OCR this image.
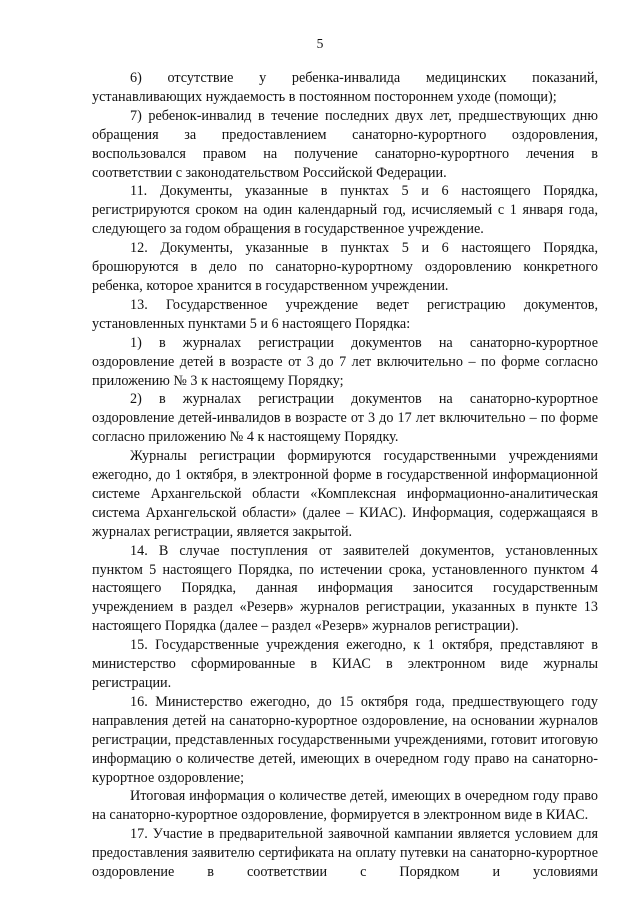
5

6) отсутствие у ребенка-инвалида медицинских показаний, устанавливающих нуждаемость в постоянном постороннем уходе (помощи);

7) ребенок-инвалид в течение последних двух лет, предшествующих дню обращения за предоставлением санаторно-курортного оздоровления, воспользовался правом на получение санаторно-курортного лечения в соответствии с законодательством Российской Федерации.

11. Документы, указанные в пунктах 5 и 6 настоящего Порядка, регистрируются сроком на один календарный год, исчисляемый с 1 января года, следующего за годом обращения в государственное учреждение.

12. Документы, указанные в пунктах 5 и 6 настоящего Порядка, брошюруются в дело по санаторно-курортному оздоровлению конкретного ребенка, которое хранится в государственном учреждении.

13. Государственное учреждение ведет регистрацию документов, установленных пунктами 5 и 6 настоящего Порядка:

1) в журналах регистрации документов на санаторно-курортное оздоровление детей в возрасте от 3 до 7 лет включительно – по форме согласно приложению № 3 к настоящему Порядку;

2) в журналах регистрации документов на санаторно-курортное оздоровление детей-инвалидов в возрасте от 3 до 17 лет включительно – по форме согласно приложению № 4 к настоящему Порядку.

Журналы регистрации формируются государственными учреждениями ежегодно, до 1 октября, в электронной форме в государственной информационной системе Архангельской области «Комплексная информационно-аналитическая система Архангельской области» (далее – КИАС). Информация, содержащаяся в журналах регистрации, является закрытой.

14. В случае поступления от заявителей документов, установленных пунктом 5 настоящего Порядка, по истечении срока, установленного пунктом 4 настоящего Порядка, данная информация заносится государственным учреждением в раздел «Резерв» журналов регистрации, указанных в пункте 13 настоящего Порядка (далее – раздел «Резерв» журналов регистрации).

15. Государственные учреждения ежегодно, к 1 октября, представляют в министерство сформированные в КИАС в электронном виде журналы регистрации.

16. Министерство ежегодно, до 15 октября года, предшествующего году направления детей на санаторно-курортное оздоровление, на основании журналов регистрации, представленных государственными учреждениями, готовит итоговую информацию о количестве детей, имеющих в очередном году право на санаторно-курортное оздоровление;

Итоговая информация о количестве детей, имеющих в очередном году право на санаторно-курортное оздоровление, формируется в электронном виде в КИАС.

17. Участие в предварительной заявочной кампании является условием для предоставления заявителю сертификата на оплату путевки на санаторно-курортное оздоровление в соответствии с Порядком и условиями
